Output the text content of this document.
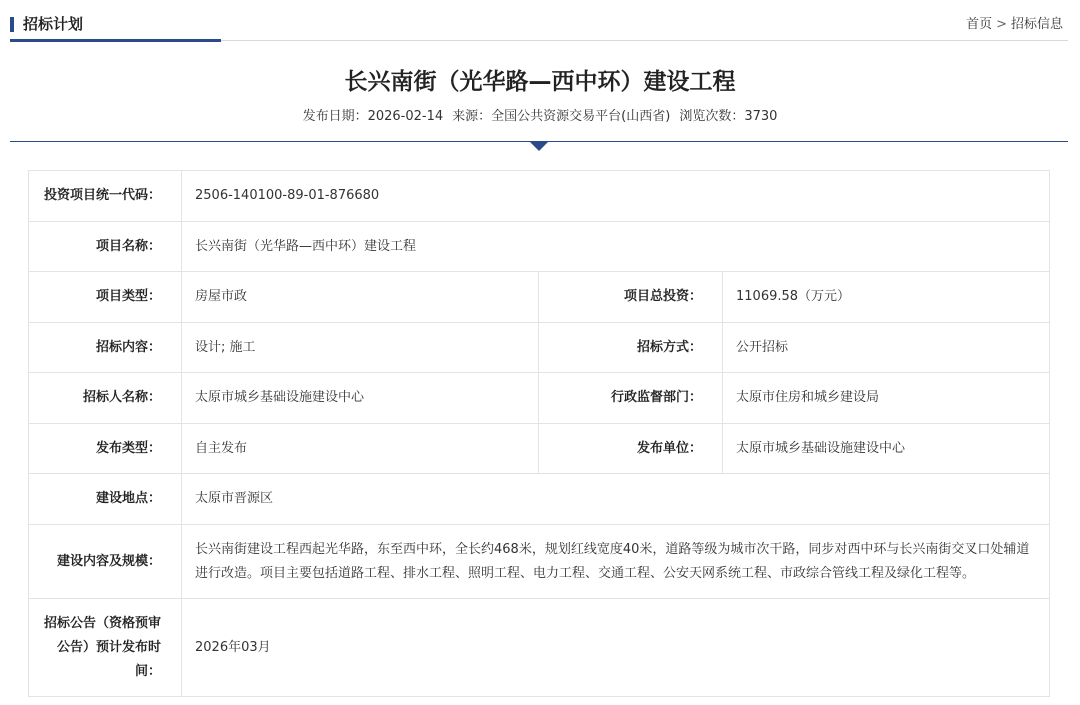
招标计划	首页 > 招标信息
长兴南街（光华路—西中环）建设工程
发布日期：2026-02-14 来源：全国公共资源交易平台(山西省) 浏览次数：3730
投资项目统一代码：	2506-140100-89-01-876680		
项目名称：	长兴南街（光华路—西中环）建设工程		
项目类型：	房屋市政	项目总投资：	11069.58（万元）
招标内容：	设计; 施工	招标方式：	公开招标
招标人名称：	太原市城乡基础设施建设中心	行政监督部门：	太原市住房和城乡建设局
发布类型：	自主发布	发布单位：	太原市城乡基础设施建设中心
建设地点：	太原市晋源区		
建设内容及规模：	长兴南街建设工程西起光华路，东至西中环，全长约468米，规划红线宽度40米，道路等级为城市次干路，同步对西中环与长兴南街交叉口处辅道进行改造。项目主要包括道路工程、排水工程、照明工程、电力工程、交通工程、公安天网系统工程、市政综合管线工程及绿化工程等。		
招标公告（资格预审公告）预计发布时间：	2026年03月		
